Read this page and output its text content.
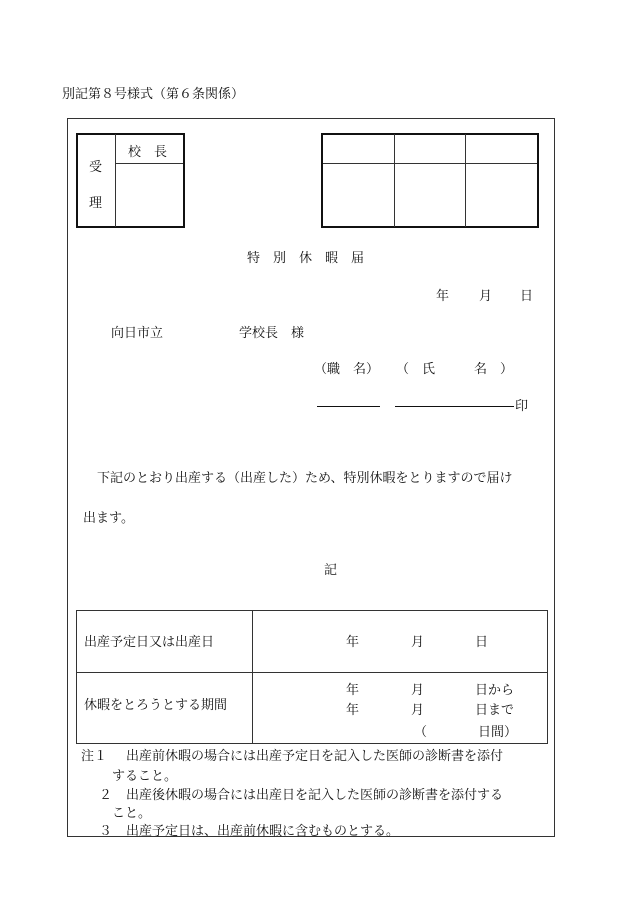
別記第８号様式（第６条関係）
受
理
校　長
特　別　休　暇　届
年 月 日
向日市立	学校長　様
（職　名） （　氏　　　名　）
印
下記のとおり出産する（出産した）ため、特別休暇をとりますので届け
出ます。
記
出産予定日又は出産日	年	月	日
休暇をとろうとする期間
年	月	日から
年	月	日まで
（	日間）
注１ 出産前休暇の場合には出産予定日を記入した医師の診断書を添付
すること。
２ 出産後休暇の場合には出産日を記入した医師の診断書を添付する
こと。
３ 出産予定日は、出産前休暇に含むものとする。
